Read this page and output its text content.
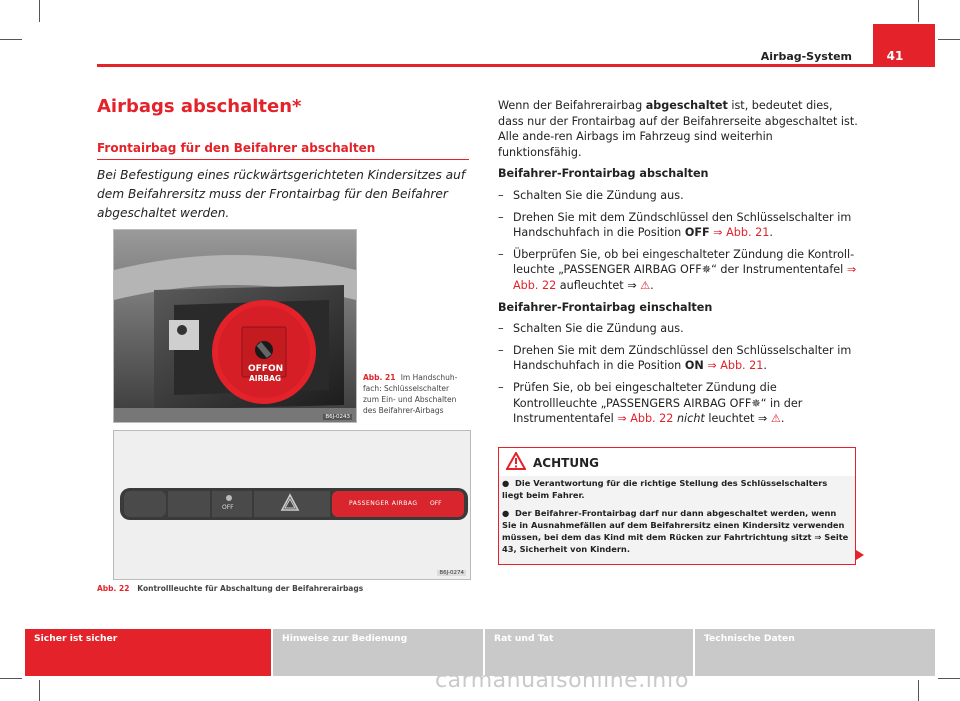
Airbag-System	41
Airbags abschalten*
Frontairbag für den Beifahrer abschalten
Bei Befestigung eines rückwärtsgerichteten Kindersitzes auf dem Beifahrersitz muss der Frontairbag für den Beifahrer abgeschaltet werden.
OFF ON
AIRBAG
B6J-0243
Abb. 21 Im Handschuh-fach: Schlüsselschalter zum Ein- und Abschalten des Beifahrer-Airbags
OFF
PASSENGER AIRBAG OFF
B6J-0274
Abb. 22 Kontrollleuchte für Abschaltung der Beifahrerairbags

Wenn der Beifahrerairbag abgeschaltet ist, bedeutet dies, dass nur der Frontairbag auf der Beifahrerseite abgeschaltet ist. Alle ande-ren Airbags im Fahrzeug sind weiterhin funktionsfähig.

Beifahrer-Frontairbag abschalten

– Schalten Sie die Zündung aus.
– Drehen Sie mit dem Zündschlüssel den Schlüsselschalter im Handschuhfach in die Position OFF ⇒ Abb. 21.
– Überprüfen Sie, ob bei eingeschalteter Zündung die Kontroll-leuchte „PASSENGER AIRBAG OFF✵“ der Instrumententafel ⇒ Abb. 22 aufleuchtet ⇒ ⚠.

Beifahrer-Frontairbag einschalten

– Schalten Sie die Zündung aus.
– Drehen Sie mit dem Zündschlüssel den Schlüsselschalter im Handschuhfach in die Position ON ⇒ Abb. 21.
– Prüfen Sie, ob bei eingeschalteter Zündung die Kontrollleuchte „PASSENGERS AIRBAG OFF✵“ in der Instrumententafel ⇒ Abb. 22 nicht leuchtet ⇒ ⚠.
ACHTUNG

●  Die Verantwortung für die richtige Stellung des Schlüsselschalters liegt beim Fahrer.

●  Der Beifahrer-Frontairbag darf nur dann abgeschaltet werden, wenn Sie in Ausnahmefällen auf dem Beifahrersitz einen Kindersitz verwenden müssen, bei dem das Kind mit dem Rücken zur Fahrtrichtung sitzt ⇒ Seite 43, Sicherheit von Kindern.

Sicher ist sicher	Hinweise zur Bedienung	Rat und Tat	Technische Daten
carmanualsonline.info
